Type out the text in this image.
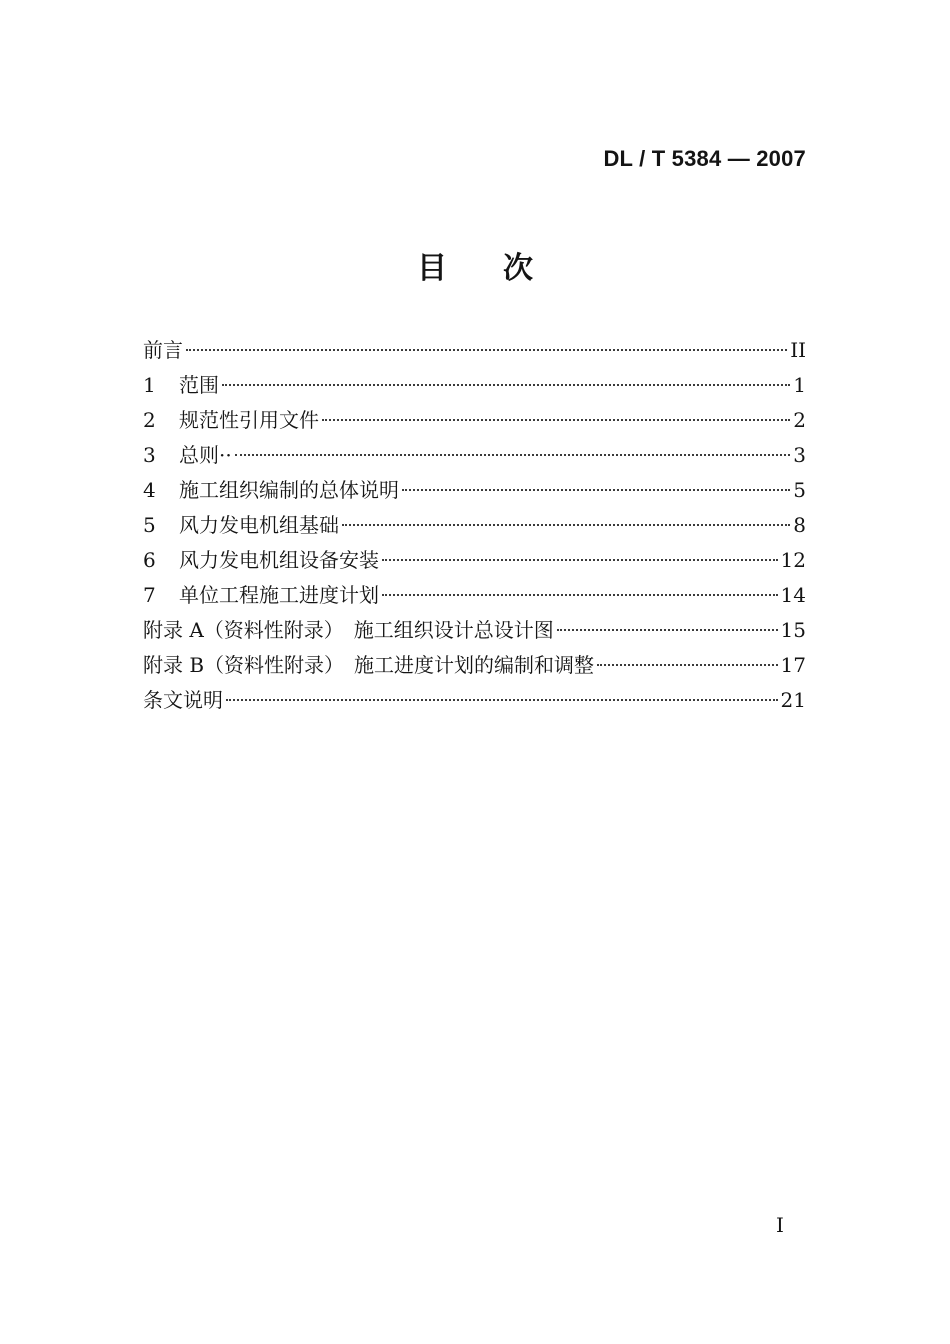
DL / T 5384 — 2007
目 次
前言	II
1	范围	1
2	规范性引用文件	2
3	总则··	3
4	施工组织编制的总体说明	5
5	风力发电机组基础	8
6	风力发电机组设备安装	12
7	单位工程施工进度计划	14
附录 A（资料性附录）　施工组织设计总设计图	15
附录 B（资料性附录）　施工进度计划的编制和调整	17
条文说明	21
I
